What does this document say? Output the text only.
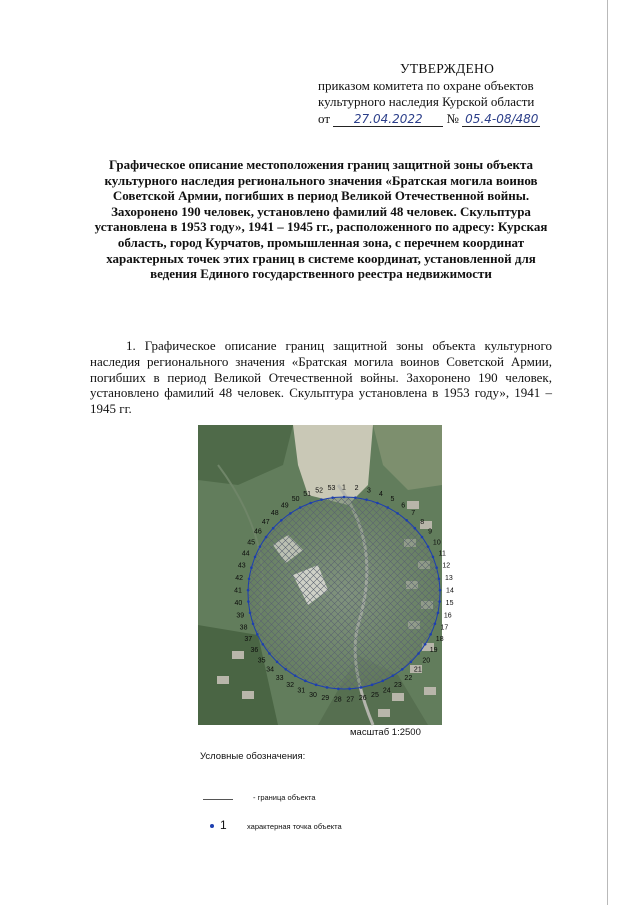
УТВЕРЖДЕНО
приказом комитета по охране объектов
культурного наследия Курской области
от 27.04.2022 № 05.4-08/480
Графическое описание местоположения границ защитной зоны объекта культурного наследия регионального значения «Братская могила воинов Советской Армии, погибших в период Великой Отечественной войны. Захоронено 190 человек, установлено фамилий 48 человек. Скульптура установлена в 1953 году», 1941 – 1945 гг., расположенного по адресу: Курская область, город Курчатов, промышленная зона, с перечнем координат характерных точек этих границ в системе координат, установленной для ведения Единого государственного реестра недвижимости
1. Графическое описание границ защитной зоны объекта культурного наследия регионального значения «Братская могила воинов Советской Армии, погибших в период Великой Отечественной войны. Захоронено 190 человек, установлено фамилий 48 человек. Скульптура установлена в 1953 году», 1941 – 1945 гг.
1 2 3
4
5
6
7
8
9
10
11
12
13
14
15
16
17
18
19
20
21
22
23
24
25
26
27
28
29
30
31
32
33
34
35
36
37
38
39
40
41
42
43
44
45
46
47
48
49
50
51
52 53
масштаб 1:2500
Условные обозначения:
- граница объекта
1	характерная точка объекта
